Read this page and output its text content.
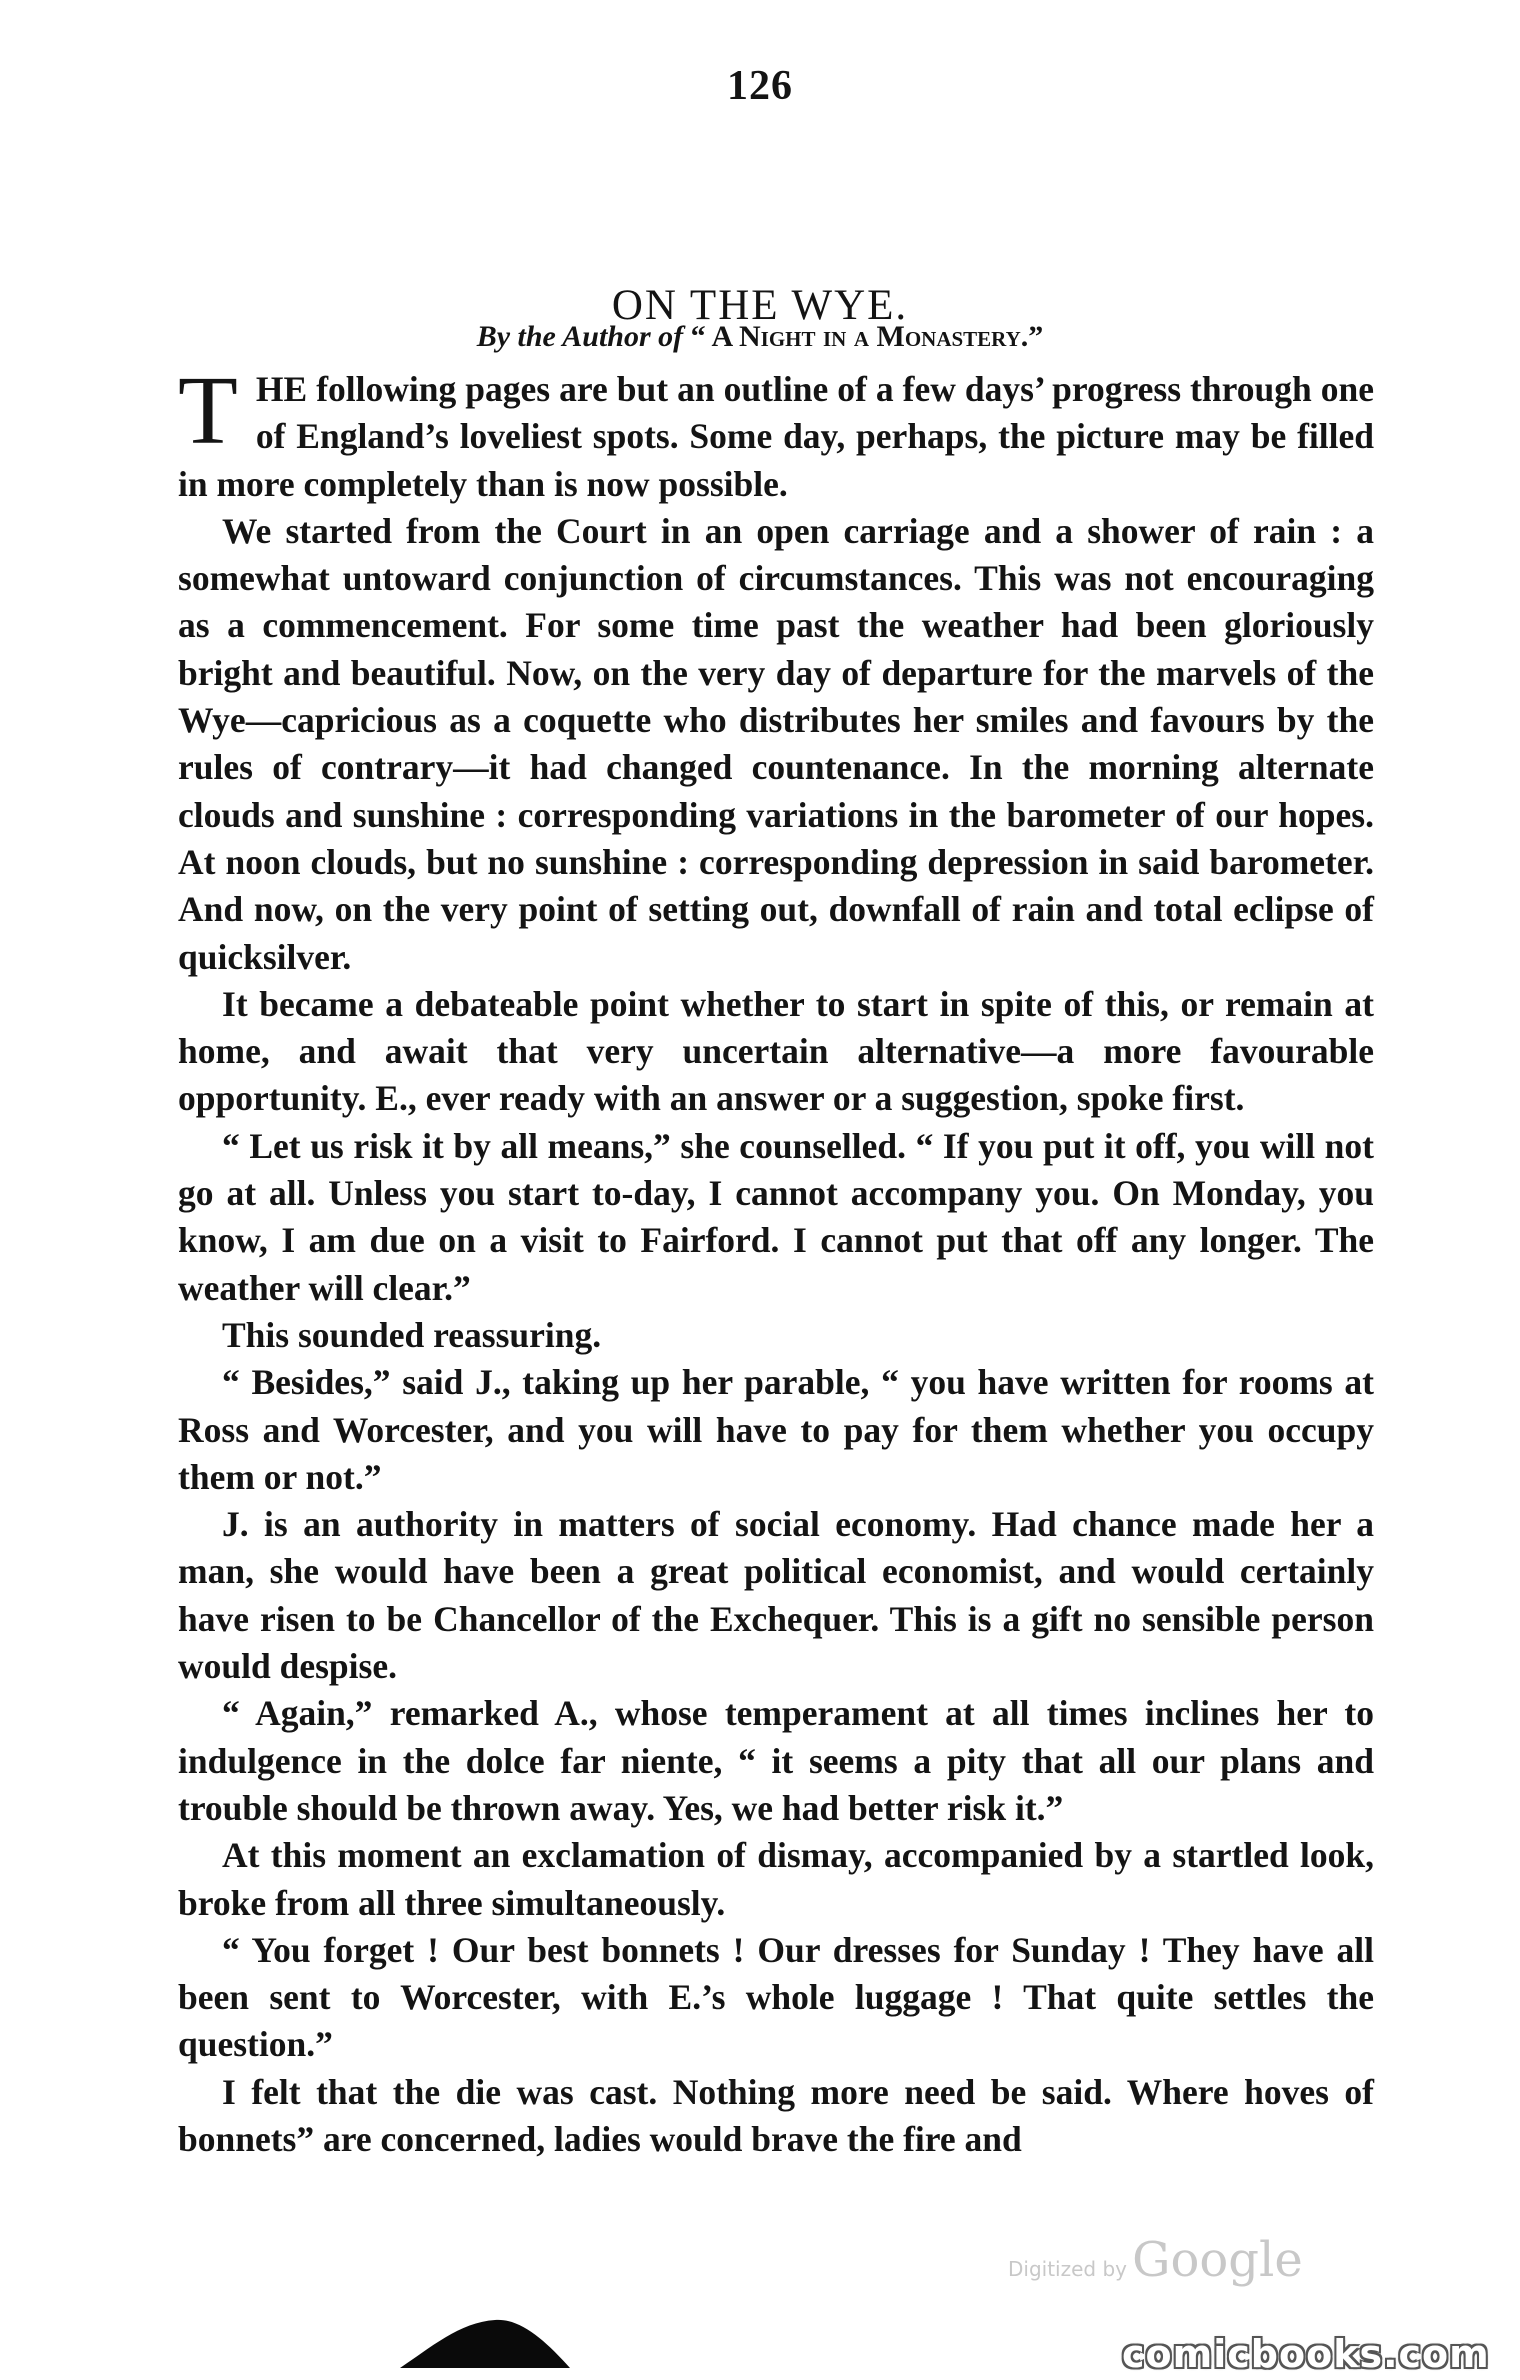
126
ON THE WYE.
By the Author of “ A Night in a Monastery.”

THE following pages are but an outline of a few days’ progress through one of England’s loveliest spots. Some day, perhaps, the picture may be filled in more completely than is now possible.

We started from the Court in an open carriage and a shower of rain : a somewhat untoward conjunction of circumstances. This was not encouraging as a commencement. For some time past the weather had been gloriously bright and beautiful. Now, on the very day of departure for the marvels of the Wye—capricious as a coquette who distributes her smiles and favours by the rules of contrary—it had changed countenance. In the morning alternate clouds and sunshine : corresponding variations in the barometer of our hopes. At noon clouds, but no sunshine : corresponding depression in said barometer. And now, on the very point of setting out, downfall of rain and total eclipse of quicksilver.

It became a debateable point whether to start in spite of this, or remain at home, and await that very uncertain alternative—a more favourable opportunity. E., ever ready with an answer or a suggestion, spoke first.

“ Let us risk it by all means,” she counselled. “ If you put it off, you will not go at all. Unless you start to-day, I cannot accompany you. On Monday, you know, I am due on a visit to Fairford. I cannot put that off any longer. The weather will clear.”

This sounded reassuring.

“ Besides,” said J., taking up her parable, “ you have written for rooms at Ross and Worcester, and you will have to pay for them whether you occupy them or not.”

J. is an authority in matters of social economy. Had chance made her a man, she would have been a great political economist, and would certainly have risen to be Chancellor of the Exchequer. This is a gift no sensible person would despise.

“ Again,” remarked A., whose temperament at all times inclines her to indulgence in the dolce far niente, “ it seems a pity that all our plans and trouble should be thrown away. Yes, we had better risk it.”

At this moment an exclamation of dismay, accompanied by a startled look, broke from all three simultaneously.

“ You forget ! Our best bonnets ! Our dresses for Sunday ! They have all been sent to Worcester, with E.’s whole luggage ! That quite settles the question.”

I felt that the die was cast. Nothing more need be said. Where hoves of bonnets” are concerned, ladies would brave the fire and

Digitized by Google
comicbooks.com
